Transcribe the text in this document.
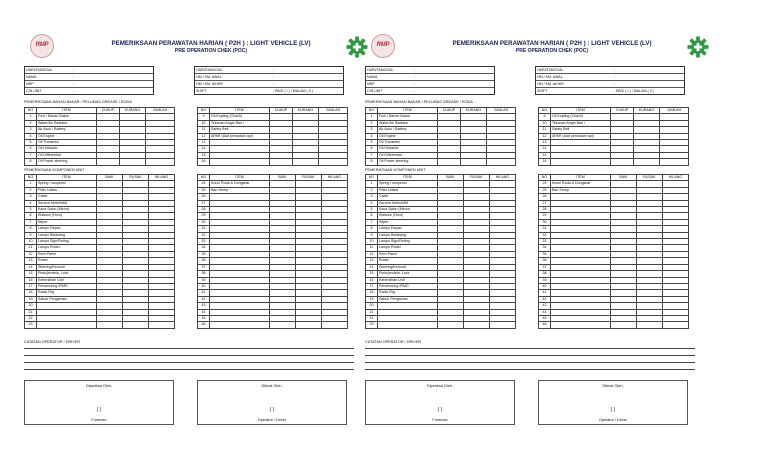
RMP	PEMERIKSAAN PERAWATAN HARIAN ( P2H ) : LIGHT VEHICLE (LV)
PRE OPERATION CHEK (POC)
HARI/TANGGAL	:
NAMA	:
NRP	:
C/N UNIT	:
HARI/TANGGAL	:
HM / KM. AWAL	:
HM / KM. AKHIR	:
SHIFT	: PAGI ( I ) / MALAM ( II )
PEMERIKSAAN BAHAN BAKAR / PELUMAS GREASE / RODA
NO	ITEM	CUKUP	KURANG	JUMLAH
1	Fuel / Bahan Bakar			
2	Water/Air Radiator			
3	Air Accu / Battery			
4	Oli Engine			
5	Oli Transmisi			
6	Oli Hidraulic			
7	Oli Differential			
8	Oli Power steering			
NO	ITEM	CUKUP	KURANG	JUMLAH
9	Oli Kopling (Clutch)			
10	Tekanan Angin Ban /			
11	Safety Belt			
12	APAR (Alat pemadam api)			
13				
14				
15				
16				
PEMERIKSAAN KOMPONEN UNIT
NO	ITEM	BAIK	RUSAK	HILANG
1	Spring / suspensi			
2	Filter Udara			
3	Cabin			
4	Service Meter/MM			
5	Kaca Spion (Mirror)			
6	Klakson (Horn)			
7	Wiper			
8	Lampu Depan			
9	Lampu Belakang			
10	Lampu Sign/Reting			
11	Lampu Rotari			
12	Rem Parkir			
13	Rotari			
14	Steering/Kemudi			
15	Pintu/jendela, Lock			
16	Kebersihan Unit			
17	Penomoring /RMD			
18	Radio Rig			
19	Sabuk Pengaman			
20				
21				
22				
23				
NO	ITEM	BAIK	RUSAK	HILANG
24	Kunci Roda & Dongkrak			
25	Ban Serep			
26				
27				
28				
29				
30				
31				
32				
33				
34				
35				
36				
37				
38				
39				
40				
41				
42				
43				
44				
45				
46				
CATATAN OPERATOR / DRIVER
Diperiksa Oleh,
( )
Foreman
Dibuat Oleh,
( )
Operator / Driver
RMP	PEMERIKSAAN PERAWATAN HARIAN ( P2H ) : LIGHT VEHICLE (LV)
PRE OPERATION CHEK (POC)
HARI/TANGGAL	:
NAMA	:
NRP	:
C/N UNIT	:
HARI/TANGGAL	:
HM / KM. AWAL	:
HM / KM. AKHIR	:
SHIFT	: PAGI ( I ) / MALAM ( II )
PEMERIKSAAN BAHAN BAKAR / PELUMAS GREASE / RODA
NO	ITEM	CUKUP	KURANG	JUMLAH
1	Fuel / Bahan Bakar			
2	Water/Air Radiator			
3	Air Accu / Battery			
4	Oli Engine			
5	Oli Transmisi			
6	Oli Hidraulic			
7	Oli Differential			
8	Oli Power steering			
NO	ITEM	CUKUP	KURANG	JUMLAH
9	Oli Kopling (Clutch)			
10	Tekanan Angin Ban /			
11	Safety Belt			
12	APAR (Alat pemadam api)			
13				
14				
15				
16				
PEMERIKSAAN KOMPONEN UNIT
NO	ITEM	BAIK	RUSAK	HILANG
1	Spring / suspensi			
2	Filter Udara			
3	Cabin			
4	Service Meter/MM			
5	Kaca Spion (Mirror)			
6	Klakson (Horn)			
7	Wiper			
8	Lampu Depan			
9	Lampu Belakang			
10	Lampu Sign/Reting			
11	Lampu Rotari			
12	Rem Parkir			
13	Rotari			
14	Steering/Kemudi			
15	Pintu/jendela, Lock			
16	Kebersihan Unit			
17	Penomoring /RMD			
18	Radio Rig			
19	Sabuk Pengaman			
20				
21				
22				
23				
NO	ITEM	BAIK	RUSAK	HILANG
24	Kunci Roda & Dongkrak			
25	Ban Serep			
26				
27				
28				
29				
30				
31				
32				
33				
34				
35				
36				
37				
38				
39				
40				
41				
42				
43				
44				
45				
46				
CATATAN OPERATOR / DRIVER
Diperiksa Oleh,
( )
Foreman
Dibuat Oleh,
( )
Operator / Driver
